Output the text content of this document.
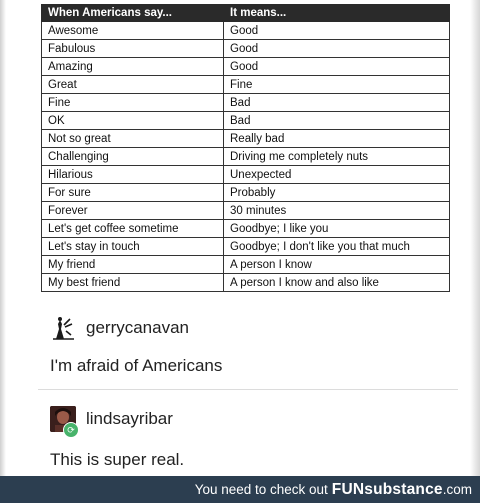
When Americans say...	It means...
Awesome	Good
Fabulous	Good
Amazing	Good
Great	Fine
Fine	Bad
OK	Bad
Not so great	Really bad
Challenging	Driving me completely nuts
Hilarious	Unexpected
For sure	Probably
Forever	30 minutes
Let's get coffee sometime	Goodbye; I like you
Let's stay in touch	Goodbye; I don't like you that much
My friend	A person I know
My best friend	A person I know and also like
gerrycanavan
I'm afraid of Americans
⟳
lindsayribar
This is super real.
You need to check out FUNsubstance .com
